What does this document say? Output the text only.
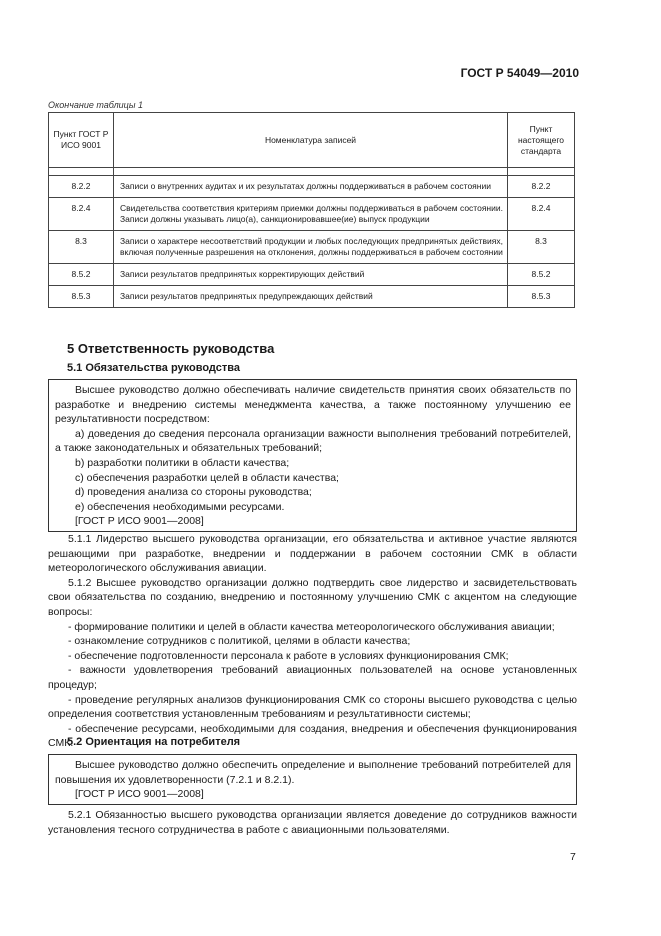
ГОСТ Р 54049—2010
Окончание таблицы 1
Пункт ГОСТ Р ИСО 9001	Номенклатура записей	Пункт настоящего стандарта

8.2.2	Записи о внутренних аудитах и их результатах должны поддерживаться в рабочем состоянии	8.2.2
8.2.4	Свидетельства соответствия критериям приемки должны поддерживаться в рабочем состоянии. Записи должны указывать лицо(а), санкционировавшее(ие) выпуск продукции	8.2.4
8.3	Записи о характере несоответствий продукции и любых последующих предпринятых действиях, включая полученные разрешения на отклонения, должны поддерживаться в рабочем состоянии	8.3
8.5.2	Записи результатов предпринятых корректирующих действий	8.5.2
8.5.3	Записи результатов предпринятых предупреждающих действий	8.5.3
5 Ответственность руководства
5.1 Обязательства руководства
Высшее руководство должно обеспечивать наличие свидетельств принятия своих обязательств по разработке и внедрению системы менеджмента качества, а также постоянному улучшению ее результативности посредством:
а) доведения до сведения персонала организации важности выполнения требований потребителей, а также законодательных и обязательных требований;
b) разработки политики в области качества;
c) обеспечения разработки целей в области качества;
d) проведения анализа со стороны руководства;
e) обеспечения необходимыми ресурсами.
[ГОСТ Р ИСО 9001—2008]
5.1.1 Лидерство высшего руководства организации, его обязательства и активное участие являются решающими при разработке, внедрении и поддержании в рабочем состоянии СМК в области метеорологического обслуживания авиации.
5.1.2 Высшее руководство организации должно подтвердить свое лидерство и засвидетельствовать свои обязательства по созданию, внедрению и постоянному улучшению СМК с акцентом на следующие вопросы:
- формирование политики и целей в области качества метеорологического обслуживания авиации;
- ознакомление сотрудников с политикой, целями в области качества;
- обеспечение подготовленности персонала к работе в условиях функционирования СМК;
- важности удовлетворения требований авиационных пользователей на основе установленных процедур;
- проведение регулярных анализов функционирования СМК со стороны высшего руководства с целью определения соответствия установленным требованиям и результативности системы;
- обеспечение ресурсами, необходимыми для создания, внедрения и обеспечения функционирования СМК.
5.2 Ориентация на потребителя
Высшее руководство должно обеспечить определение и выполнение требований потребителей для повышения их удовлетворенности (7.2.1 и 8.2.1).
[ГОСТ Р ИСО 9001—2008]
5.2.1 Обязанностью высшего руководства организации является доведение до сотрудников важности установления тесного сотрудничества в работе с авиационными пользователями.
7
